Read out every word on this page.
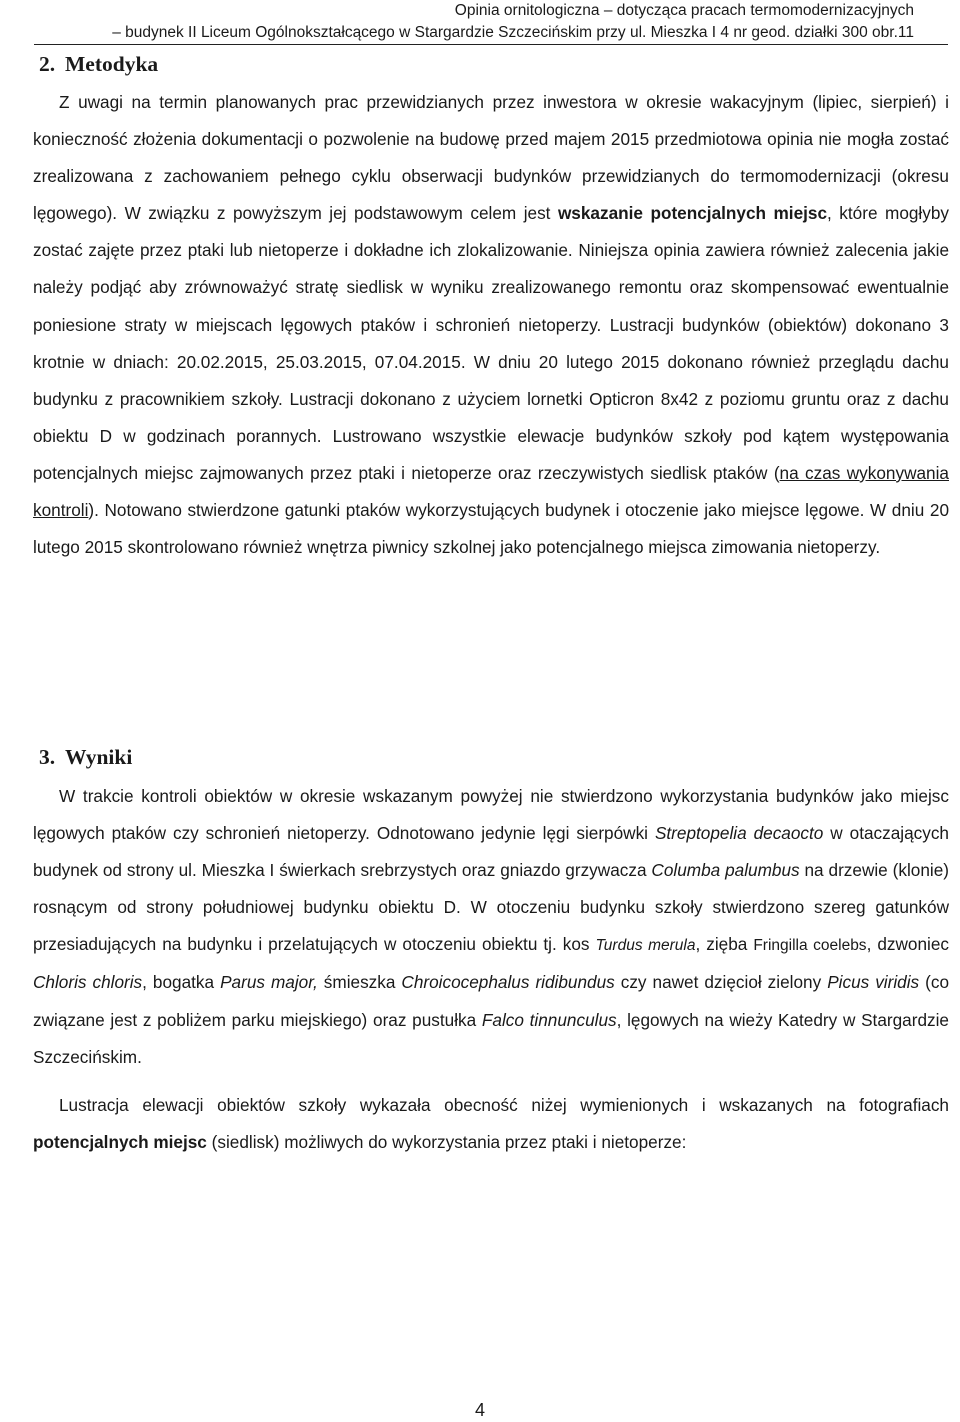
Opinia ornitologiczna – dotycząca pracach termomodernizacyjnych
– budynek II Liceum Ogólnokształcącego w Stargardzie Szczecińskim przy ul. Mieszka I 4 nr geod. działki 300 obr.11
2. Metodyka

Z uwagi na termin planowanych prac przewidzianych przez inwestora w okresie wakacyjnym (lipiec, sierpień) i konieczność złożenia dokumentacji o pozwolenie na budowę przed majem 2015 przedmiotowa opinia nie mogła zostać zrealizowana z zachowaniem pełnego cyklu obserwacji budynków przewidzianych do termomodernizacji (okresu lęgowego). W związku z powyższym jej podstawowym celem jest wskazanie potencjalnych miejsc, które mogłyby zostać zajęte przez ptaki lub nietoperze i dokładne ich zlokalizowanie. Niniejsza opinia zawiera również zalecenia jakie należy podjąć aby zrównoważyć stratę siedlisk w wyniku zrealizowanego remontu oraz skompensować ewentualnie poniesione straty w miejscach lęgowych ptaków i schronień nietoperzy. Lustracji budynków (obiektów) dokonano 3 krotnie w dniach: 20.02.2015, 25.03.2015, 07.04.2015. W dniu 20 lutego 2015 dokonano również przeglądu dachu budynku z pracownikiem szkoły. Lustracji dokonano z użyciem lornetki Opticron 8x42 z poziomu gruntu oraz z dachu obiektu D w godzinach porannych. Lustrowano wszystkie elewacje budynków szkoły pod kątem występowania potencjalnych miejsc zajmowanych przez ptaki i nietoperze oraz rzeczywistych siedlisk ptaków (na czas wykonywania kontroli). Notowano stwierdzone gatunki ptaków wykorzystujących budynek i otoczenie jako miejsce lęgowe. W dniu 20 lutego 2015 skontrolowano również wnętrza piwnicy szkolnej jako potencjalnego miejsca zimowania nietoperzy.

3. Wyniki

W trakcie kontroli obiektów w okresie wskazanym powyżej nie stwierdzono wykorzystania budynków jako miejsc lęgowych ptaków czy schronień nietoperzy. Odnotowano jedynie lęgi sierpówki Streptopelia decaocto w otaczających budynek od strony ul. Mieszka I świerkach srebrzystych oraz gniazdo grzywacza Columba palumbus na drzewie (klonie) rosnącym od strony południowej budynku obiektu D. W otoczeniu budynku szkoły stwierdzono szereg gatunków przesiadujących na budynku i przelatujących w otoczeniu obiektu tj. kos Turdus merula, zięba Fringilla coelebs, dzwoniec Chloris chloris, bogatka Parus major, śmieszka Chroicocephalus ridibundus czy nawet dzięcioł zielony Picus viridis (co związane jest z pobliżem parku miejskiego) oraz pustułka Falco tinnunculus, lęgowych na wieży Katedry w Stargardzie Szczecińskim.

Lustracja elewacji obiektów szkoły wykazała obecność niżej wymienionych i wskazanych na fotografiach potencjalnych miejsc (siedlisk) możliwych do wykorzystania przez ptaki i nietoperze:

4
